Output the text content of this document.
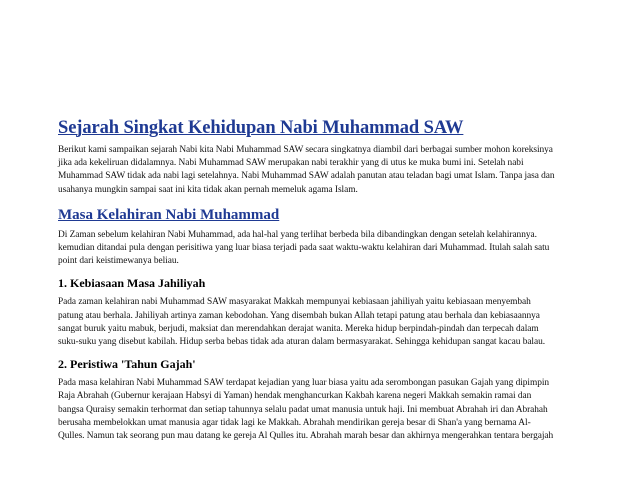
Sejarah Singkat Kehidupan Nabi Muhammad SAW

Berikut kami sampaikan sejarah Nabi kita Nabi Muhammad SAW secara singkatnya diambil dari berbagai sumber mohon koreksinya
jika ada kekeliruan didalamnya. Nabi Muhammad SAW merupakan nabi terakhir yang di utus ke muka bumi ini. Setelah nabi
Muhammad SAW tidak ada nabi lagi setelahnya. Nabi Muhammad SAW adalah panutan atau teladan bagi umat Islam. Tanpa jasa dan
usahanya mungkin sampai saat ini kita tidak akan pernah memeluk agama Islam.

Masa Kelahiran Nabi Muhammad

Di Zaman sebelum kelahiran Nabi Muhammad, ada hal-hal yang terlihat berbeda bila dibandingkan dengan setelah kelahirannya.
kemudian ditandai pula dengan perisitiwa yang luar biasa terjadi pada saat waktu-waktu kelahiran dari Muhammad. Itulah salah satu
point dari keistimewanya beliau.

1. Kebiasaan Masa Jahiliyah

Pada zaman kelahiran nabi Muhammad SAW masyarakat Makkah mempunyai kebiasaan jahiliyah yaitu kebiasaan menyembah
patung atau berhala. Jahiliyah artinya zaman kebodohan. Yang disembah bukan Allah tetapi patung atau berhala dan kebiasaannya
sangat buruk yaitu mabuk, berjudi, maksiat dan merendahkan derajat wanita. Mereka hidup berpindah-pindah dan terpecah dalam
suku-suku yang disebut kabilah. Hidup serba bebas tidak ada aturan dalam bermasyarakat. Sehingga kehidupan sangat kacau balau.

2. Peristiwa 'Tahun Gajah'

Pada masa kelahiran Nabi Muhammad SAW terdapat kejadian yang luar biasa yaitu ada serombongan pasukan Gajah yang dipimpin
Raja Abrahah (Gubernur kerajaan Habsyi di Yaman) hendak menghancurkan Kakbah karena negeri Makkah semakin ramai dan
bangsa Quraisy semakin terhormat dan setiap tahunnya selalu padat umat manusia untuk haji. Ini membuat Abrahah iri dan Abrahah
berusaha membelokkan umat manusia agar tidak lagi ke Makkah. Abrahah mendirikan gereja besar di Shan'a yang bernama Al-
Qulles. Namun tak seorang pun mau datang ke gereja Al Qulles itu. Abrahah marah besar dan akhirnya mengerahkan tentara bergajah
